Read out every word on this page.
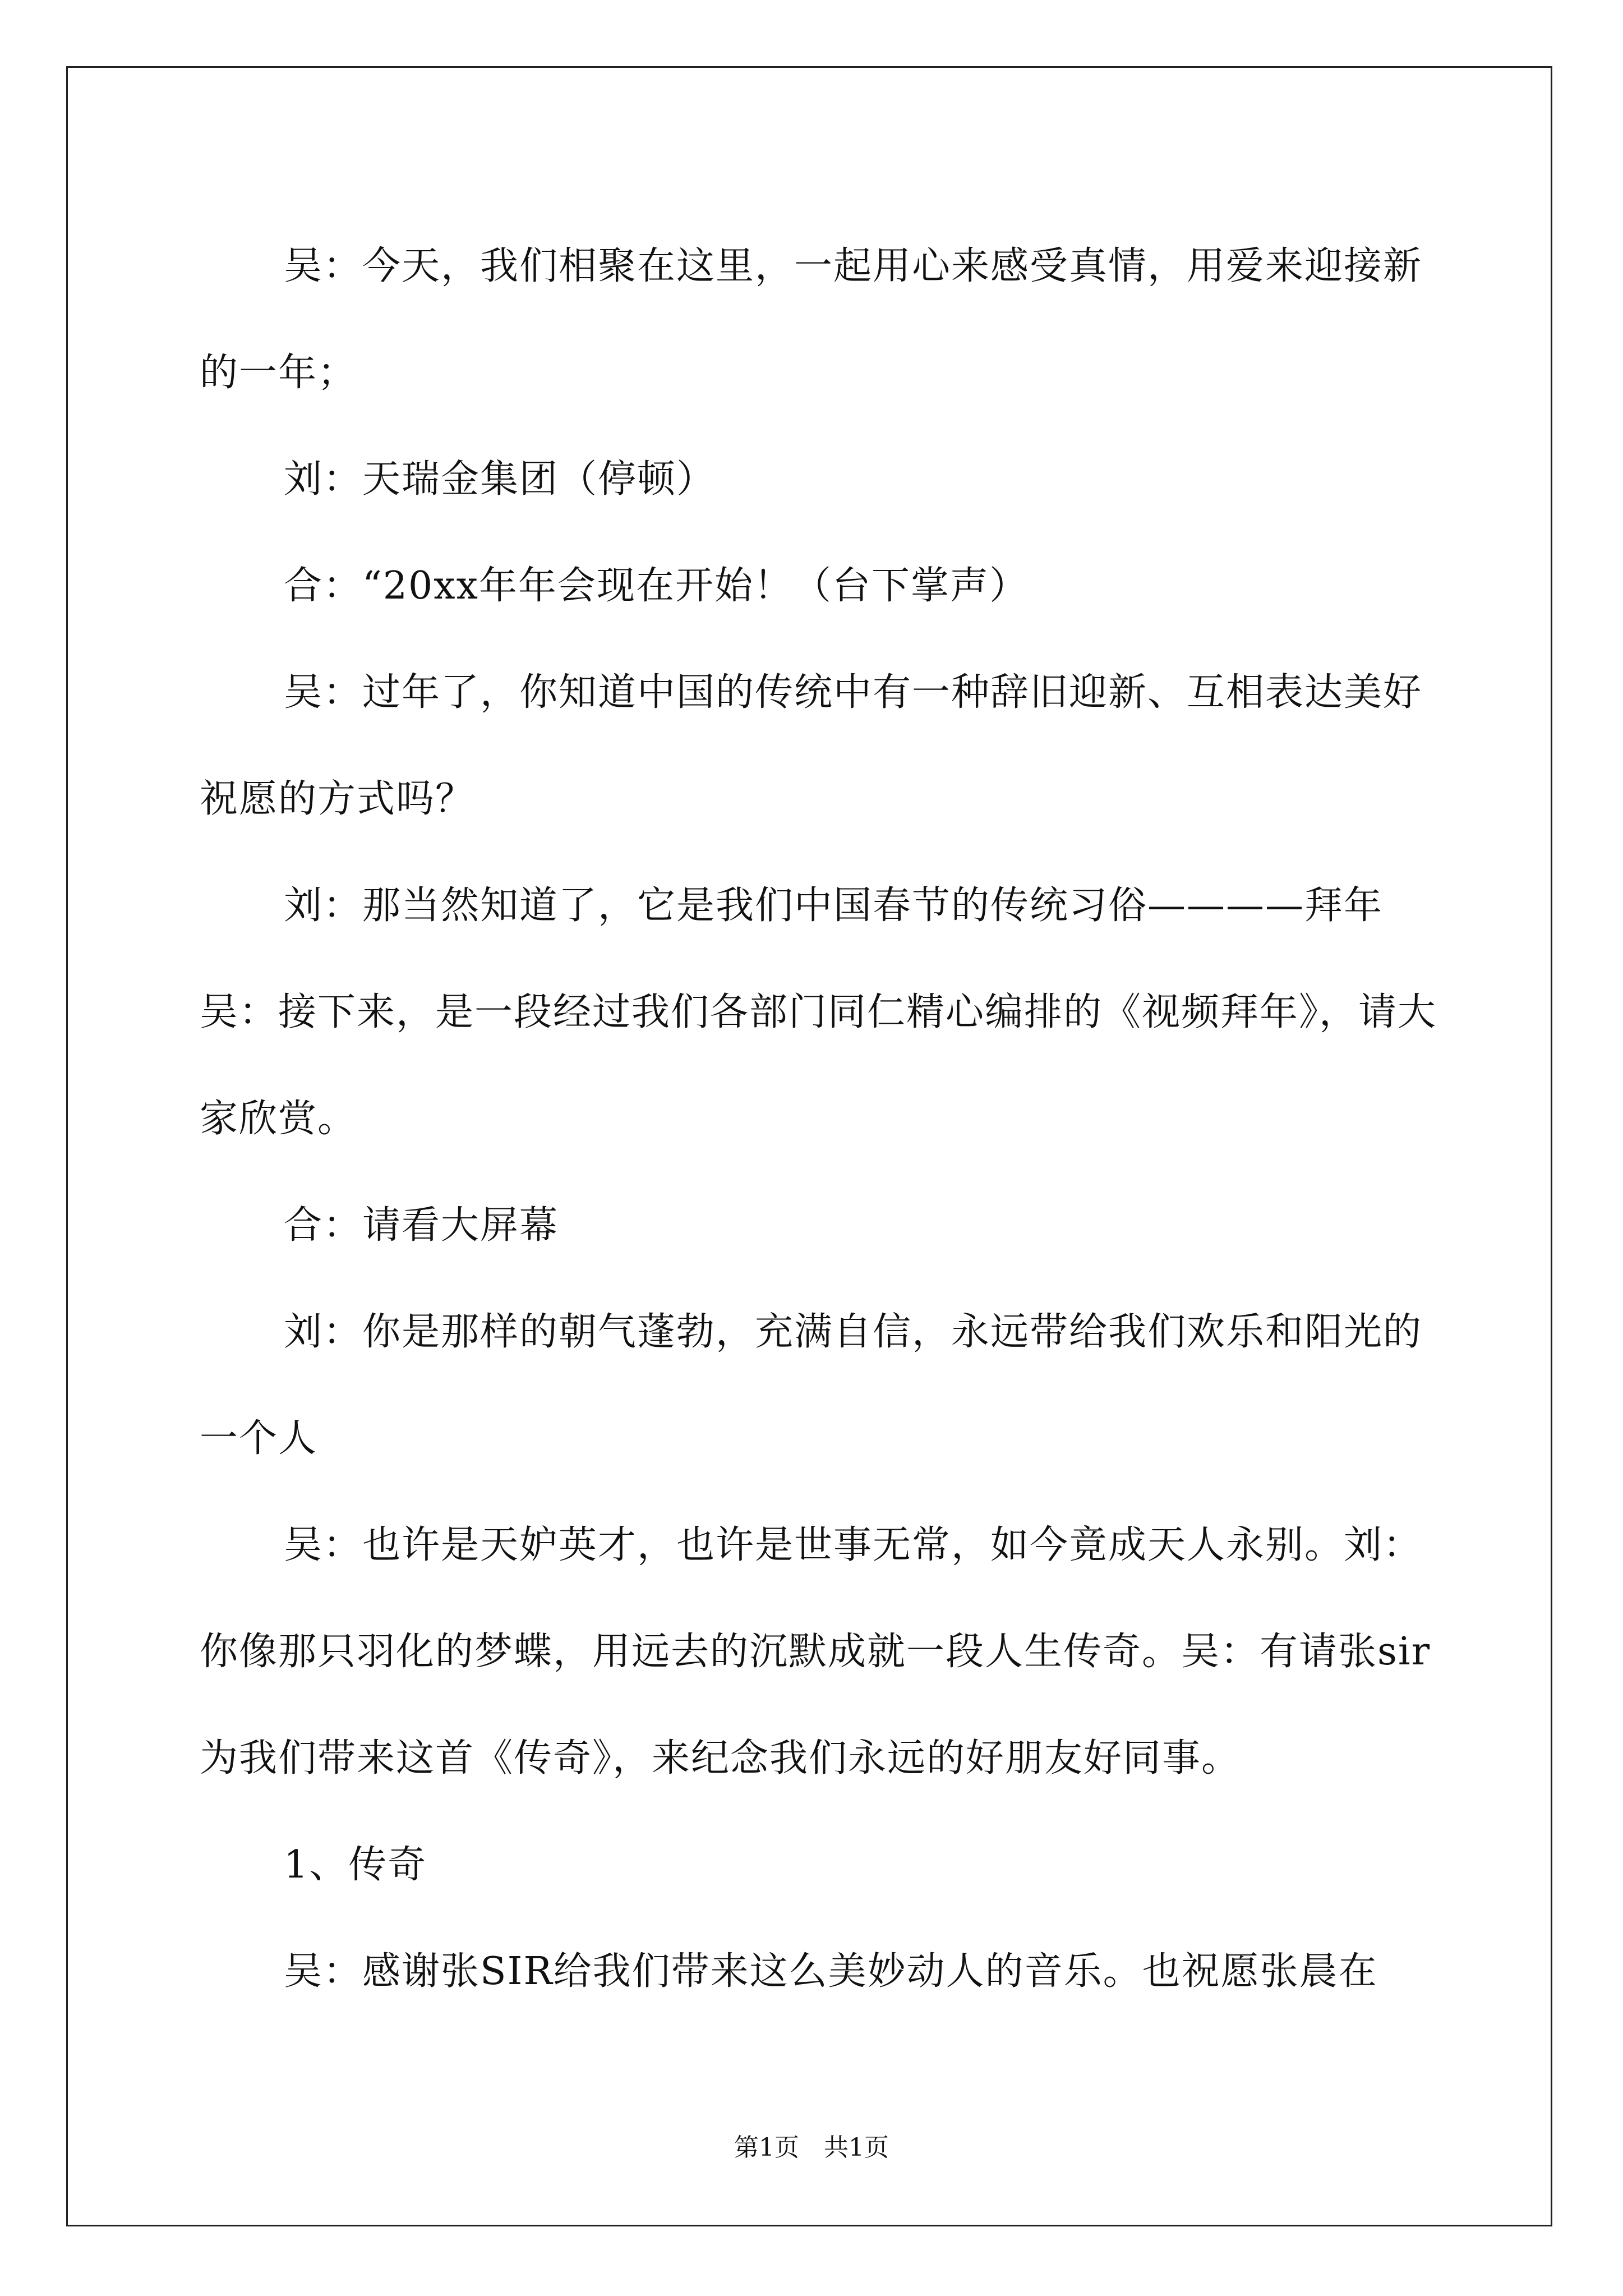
吴：今天，我们相聚在这里，一起用心来感受真情，用爱来迎接新的一年；

刘：天瑞金集团（停顿）

合：“20xx年年会现在开始！（台下掌声）

吴：过年了，你知道中国的传统中有一种辞旧迎新、互相表达美好祝愿的方式吗？

刘：那当然知道了，它是我们中国春节的传统习俗————拜年吴：接下来，是一段经过我们各部门同仁精心编排的《视频拜年》，请大家欣赏。

合：请看大屏幕

刘：你是那样的朝气蓬勃，充满自信，永远带给我们欢乐和阳光的一个人

吴：也许是天妒英才，也许是世事无常，如今竟成天人永别。刘：你像那只羽化的梦蝶，用远去的沉默成就一段人生传奇。吴：有请张sir为我们带来这首《传奇》，来纪念我们永远的好朋友好同事。

1、传奇

吴：感谢张SIR给我们带来这么美妙动人的音乐。也祝愿张晨在

第1页　共1页
